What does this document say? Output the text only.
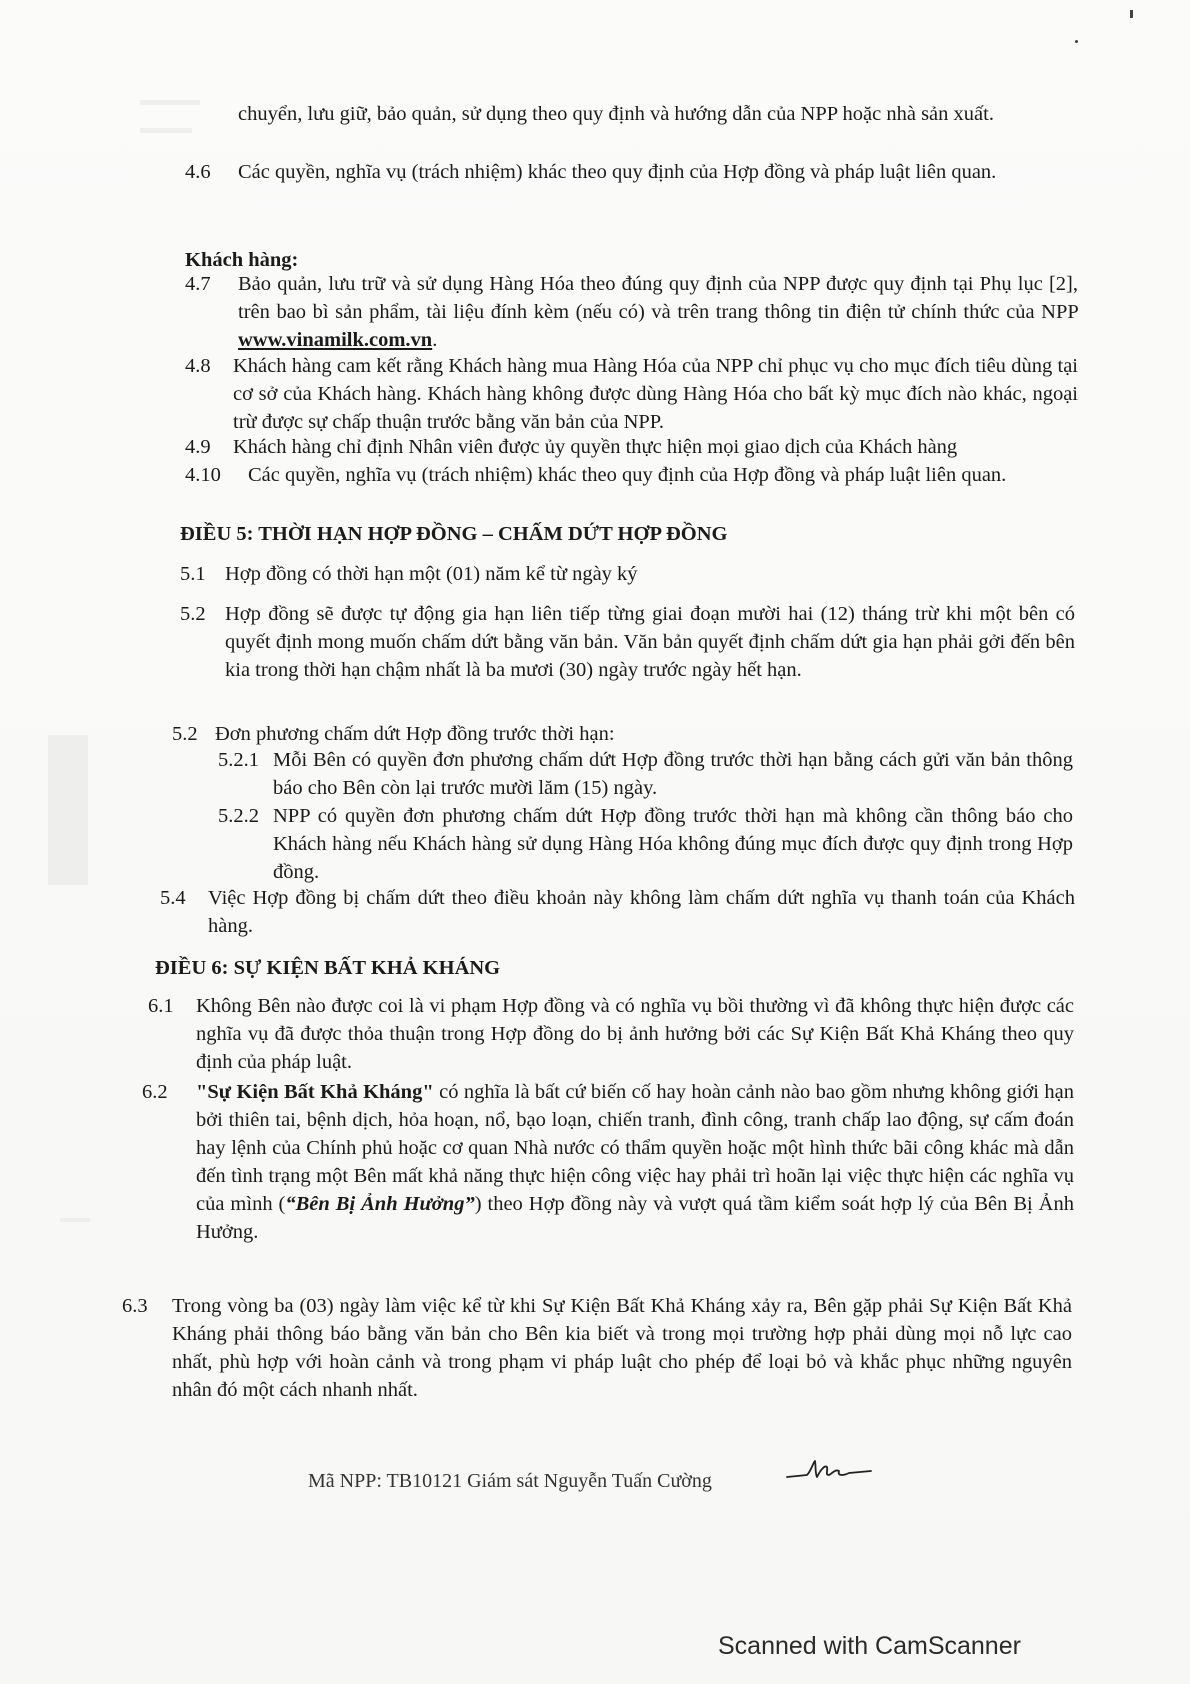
chuyển, lưu giữ, bảo quản, sử dụng theo quy định và hướng dẫn của NPP hoặc nhà sản xuất.
4.6 Các quyền, nghĩa vụ (trách nhiệm) khác theo quy định của Hợp đồng và pháp luật liên quan.
Khách hàng:
4.7 Bảo quản, lưu trữ và sử dụng Hàng Hóa theo đúng quy định của NPP được quy định tại Phụ lục [2], trên bao bì sản phẩm, tài liệu đính kèm (nếu có) và trên trang thông tin điện tử chính thức của NPP www.vinamilk.com.vn.
4.8 Khách hàng cam kết rằng Khách hàng mua Hàng Hóa của NPP chỉ phục vụ cho mục đích tiêu dùng tại cơ sở của Khách hàng. Khách hàng không được dùng Hàng Hóa cho bất kỳ mục đích nào khác, ngoại trừ được sự chấp thuận trước bằng văn bản của NPP.
4.9 Khách hàng chỉ định Nhân viên được ủy quyền thực hiện mọi giao dịch của Khách hàng
4.10 Các quyền, nghĩa vụ (trách nhiệm) khác theo quy định của Hợp đồng và pháp luật liên quan.
ĐIỀU 5: THỜI HẠN HỢP ĐỒNG – CHẤM DỨT HỢP ĐỒNG
5.1 Hợp đồng có thời hạn một (01) năm kể từ ngày ký
5.2 Hợp đồng sẽ được tự động gia hạn liên tiếp từng giai đoạn mười hai (12) tháng trừ khi một bên có quyết định mong muốn chấm dứt bằng văn bản. Văn bản quyết định chấm dứt gia hạn phải gởi đến bên kia trong thời hạn chậm nhất là ba mươi (30) ngày trước ngày hết hạn.
5.2 Đơn phương chấm dứt Hợp đồng trước thời hạn:
5.2.1 Mỗi Bên có quyền đơn phương chấm dứt Hợp đồng trước thời hạn bằng cách gửi văn bản thông báo cho Bên còn lại trước mười lăm (15) ngày.
5.2.2 NPP có quyền đơn phương chấm dứt Hợp đồng trước thời hạn mà không cần thông báo cho Khách hàng nếu Khách hàng sử dụng Hàng Hóa không đúng mục đích được quy định trong Hợp đồng.
5.4 Việc Hợp đồng bị chấm dứt theo điều khoản này không làm chấm dứt nghĩa vụ thanh toán của Khách hàng.
ĐIỀU 6: SỰ KIỆN BẤT KHẢ KHÁNG
6.1 Không Bên nào được coi là vi phạm Hợp đồng và có nghĩa vụ bồi thường vì đã không thực hiện được các nghĩa vụ đã được thỏa thuận trong Hợp đồng do bị ảnh hưởng bởi các Sự Kiện Bất Khả Kháng theo quy định của pháp luật.
6.2 "Sự Kiện Bất Khả Kháng" có nghĩa là bất cứ biến cố hay hoàn cảnh nào bao gồm nhưng không giới hạn bởi thiên tai, bệnh dịch, hỏa hoạn, nổ, bạo loạn, chiến tranh, đình công, tranh chấp lao động, sự cấm đoán hay lệnh của Chính phủ hoặc cơ quan Nhà nước có thẩm quyền hoặc một hình thức bãi công khác mà dẫn đến tình trạng một Bên mất khả năng thực hiện công việc hay phải trì hoãn lại việc thực hiện các nghĩa vụ của mình (“Bên Bị Ảnh Hưởng”) theo Hợp đồng này và vượt quá tầm kiểm soát hợp lý của Bên Bị Ảnh Hưởng.
6.3 Trong vòng ba (03) ngày làm việc kể từ khi Sự Kiện Bất Khả Kháng xảy ra, Bên gặp phải Sự Kiện Bất Khả Kháng phải thông báo bằng văn bản cho Bên kia biết và trong mọi trường hợp phải dùng mọi nỗ lực cao nhất, phù hợp với hoàn cảnh và trong phạm vi pháp luật cho phép để loại bỏ và khắc phục những nguyên nhân đó một cách nhanh nhất.
Mã NPP: TB10121 Giám sát Nguyễn Tuấn Cường
Scanned with CamScanner
